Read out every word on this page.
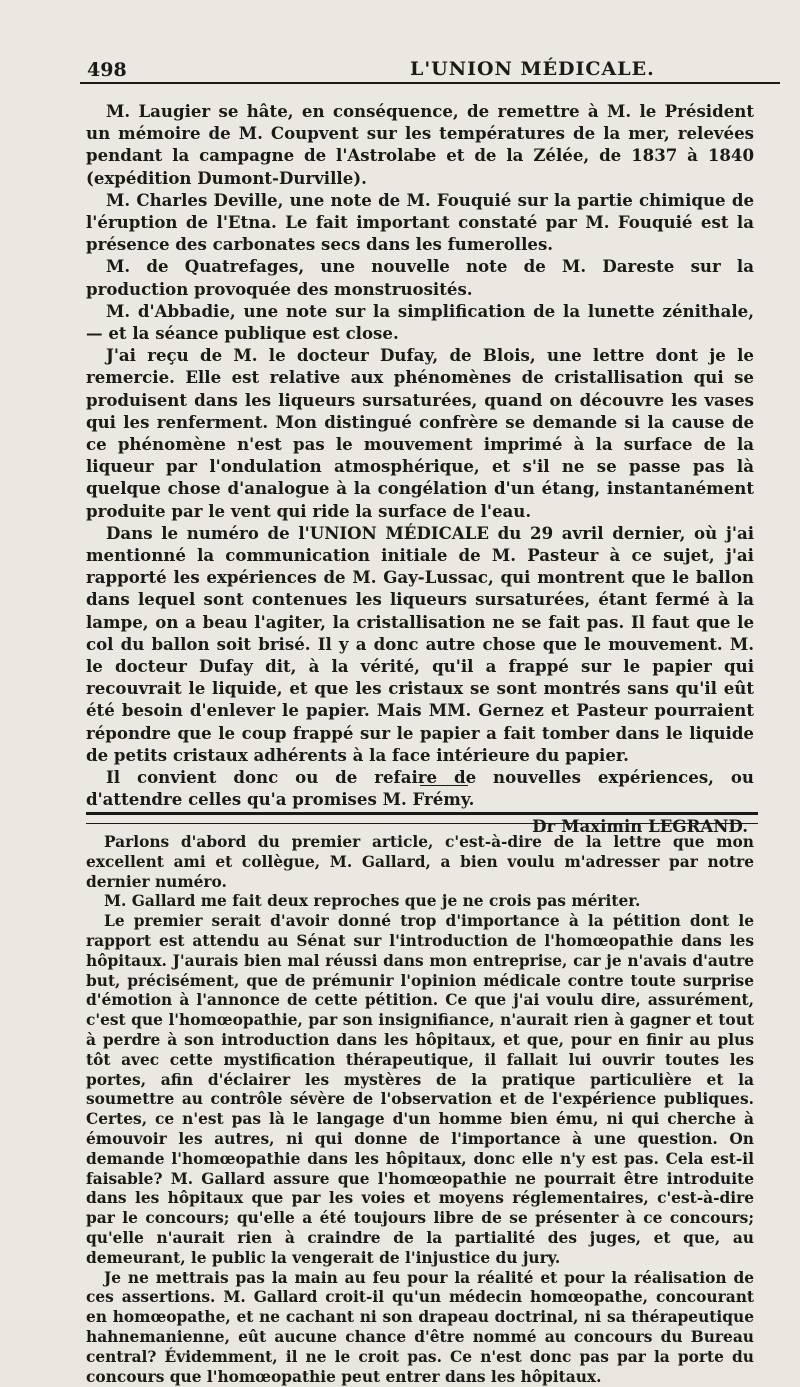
498	L'UNION MÉDICALE.

M. Laugier se hâte, en conséquence, de remettre à M. le Président un mémoire de M. Coupvent sur les températures de la mer, relevées pendant la campagne de l'Astrolabe et de la Zélée, de 1837 à 1840 (expédition Dumont-Durville).

M. Charles Deville, une note de M. Fouquié sur la partie chimique de l'éruption de l'Etna. Le fait important constaté par M. Fouquié est la présence des carbonates secs dans les fumerolles.

M. de Quatrefages, une nouvelle note de M. Dareste sur la production provoquée des monstruosités.

M. d'Abbadie, une note sur la simplification de la lunette zénithale, — et la séance publique est close.

J'ai reçu de M. le docteur Dufay, de Blois, une lettre dont je le remercie. Elle est relative aux phénomènes de cristallisation qui se produisent dans les liqueurs sursaturées, quand on découvre les vases qui les renferment. Mon distingué confrère se demande si la cause de ce phénomène n'est pas le mouvement imprimé à la surface de la liqueur par l'ondulation atmosphérique, et s'il ne se passe pas là quelque chose d'analogue à la congélation d'un étang, instantanément produite par le vent qui ride la surface de l'eau.

Dans le numéro de l'UNION MÉDICALE du 29 avril dernier, où j'ai mentionné la communication initiale de M. Pasteur à ce sujet, j'ai rapporté les expériences de M. Gay-Lussac, qui montrent que le ballon dans lequel sont contenues les liqueurs sursaturées, étant fermé à la lampe, on a beau l'agiter, la cristallisation ne se fait pas. Il faut que le col du ballon soit brisé. Il y a donc autre chose que le mouvement. M. le docteur Dufay dit, à la vérité, qu'il a frappé sur le papier qui recouvrait le liquide, et que les cristaux se sont montrés sans qu'il eût été besoin d'enlever le papier. Mais MM. Gernez et Pasteur pourraient répondre que le coup frappé sur le papier a fait tomber dans le liquide de petits cristaux adhérents à la face intérieure du papier.

Il convient donc ou de refaire de nouvelles expériences, ou d'attendre celles qu'a promises M. Frémy.

Dr Maximin LEGRAND.

Parlons d'abord du premier article, c'est-à-dire de la lettre que mon excellent ami et collègue, M. Gallard, a bien voulu m'adresser par notre dernier numéro.

M. Gallard me fait deux reproches que je ne crois pas mériter.

Le premier serait d'avoir donné trop d'importance à la pétition dont le rapport est attendu au Sénat sur l'introduction de l'homœopathie dans les hôpitaux. J'aurais bien mal réussi dans mon entreprise, car je n'avais d'autre but, précisément, que de prémunir l'opinion médicale contre toute surprise d'émotion à l'annonce de cette pétition. Ce que j'ai voulu dire, assurément, c'est que l'homœopathie, par son insignifiance, n'aurait rien à gagner et tout à perdre à son introduction dans les hôpitaux, et que, pour en finir au plus tôt avec cette mystification thérapeutique, il fallait lui ouvrir toutes les portes, afin d'éclairer les mystères de la pratique particulière et la soumettre au contrôle sévère de l'observation et de l'expérience publiques. Certes, ce n'est pas là le langage d'un homme bien ému, ni qui cherche à émouvoir les autres, ni qui donne de l'importance à une question. On demande l'homœopathie dans les hôpitaux, donc elle n'y est pas. Cela est-il faisable? M. Gallard assure que l'homœopathie ne pourrait être introduite dans les hôpitaux que par les voies et moyens réglementaires, c'est-à-dire par le concours; qu'elle a été toujours libre de se présenter à ce concours; qu'elle n'aurait rien à craindre de la partialité des juges, et que, au demeurant, le public la vengerait de l'injustice du jury.

Je ne mettrais pas la main au feu pour la réalité et pour la réalisation de ces assertions. M. Gallard croit-il qu'un médecin homœopathe, concourant en homœopathe, et ne cachant ni son drapeau doctrinal, ni sa thérapeutique hahnemanienne, eût aucune chance d'être nommé au concours du Bureau central? Évidemment, il ne le croit pas. Ce n'est donc pas par la porte du concours que l'homœopathie peut entrer dans les hôpitaux.
